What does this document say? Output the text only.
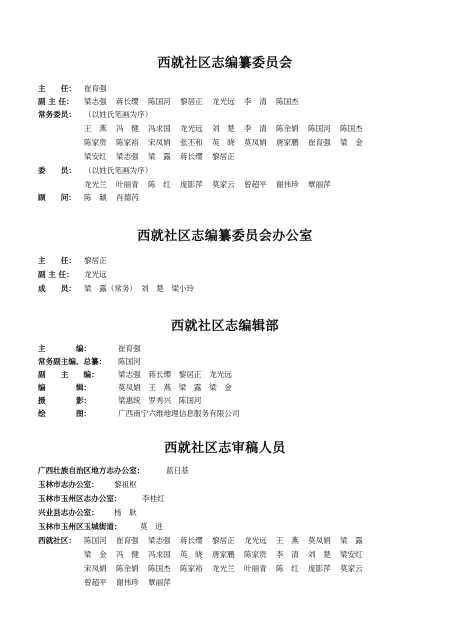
西就社区志编纂委员会
主　　任： 崔育强
副 主 任： 梁志强 蒋长缨 陈国河 黎居正 龙光远 李　清 陈国杰
常务委员： （以姓氏笔画为序）
王　燕 冯　健 冯求国 龙光远 刘　楚 李　清 陈余娟 陈国河 陈国杰
陈家贵 陈家裕 宋凤娟 张丕和 英　晓 莫凤娟 唐家鹏 崔育强 梁　金
梁安红 梁志强 梁　露 蒋长缨 黎居正
委　　员： （以姓氏笔画为序）
龙光兰 叶丽青 陈　红 庞影萍 莫家云 曾超平 谢伟珍 覃丽萍
顾　　问： 陈　颖 肖德芮
西就社区志编纂委员会办公室
主　　任： 黎居正
副 主 任： 龙光远
成　　员： 梁　露（常务）　刘　楚　梁小玲
西就社区志编辑部
主　　　　编：	崔育强
常务副主编、总纂： 陈国河
副　　主　　编：	梁志强　蒋长缨　黎居正　龙光远
编　　　　辑：	莫凤娟　王　燕　梁　露　梁　金
摄　　　　影：	梁惠统　罗秀兴　陈国河
绘　　　　图：	广西南宁六维地理信息服务有限公司
西就社区志审稿人员
广西壮族自治区地方志办公室：	蓝日基
玉林市志办公室： 黎祖枢
玉林市玉州区志办公室：	李桂红
兴业县志办公室： 杨　耿
玉林市玉州区玉城街道： 莫　进
西就社区： 陈国河 崔育强 梁志强 蒋长缨 黎居正 龙光远 王　燕 莫凤娟 梁　露
梁　金 冯　健 冯求国 英　晓 唐家鹏 陈家贵 李　清 刘　楚 梁安红
宋凤娟 陈余娟 陈国杰 陈家裕 龙光兰 叶丽青 陈　红 庞影萍 莫家云
曾超平 谢伟珍 覃丽萍
